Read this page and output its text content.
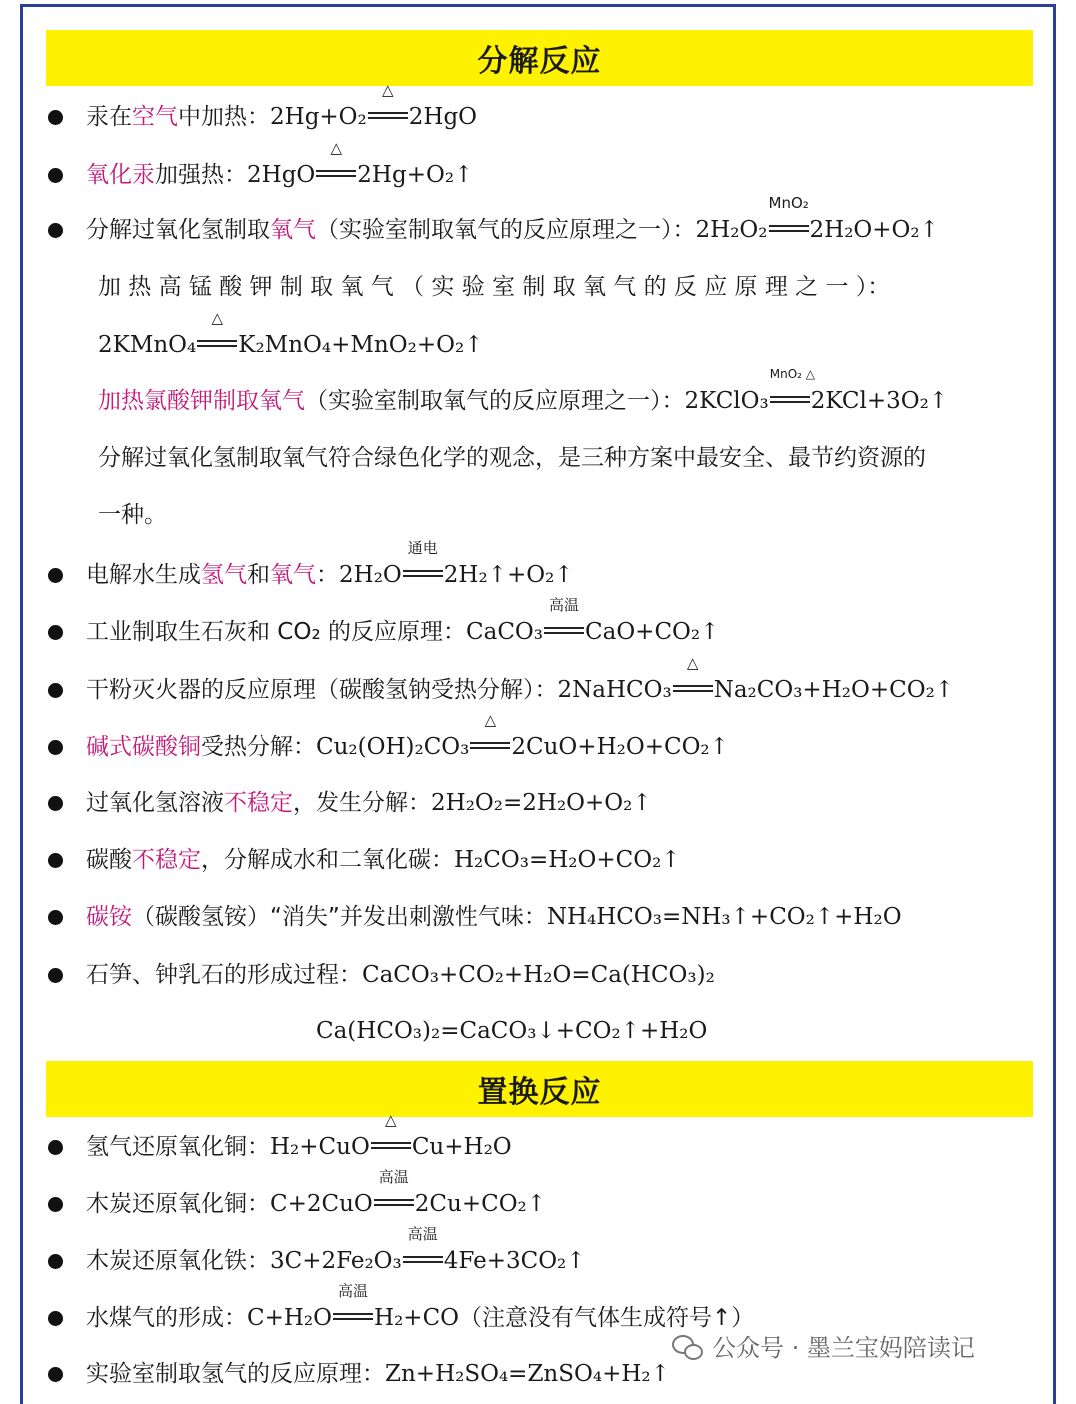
分解反应
汞在空气中加热：2Hg+O₂
△
2HgO
氧化汞加强热：2HgO
△
2Hg+O₂↑
分解过氧化氢制取氧气（实验室制取氧气的反应原理之一）：2H₂O₂
MnO₂
2H₂O+O₂↑
加 热 高 锰 酸 钾 制 取 氧 气 （ 实 验 室 制 取 氧 气 的 反 应 原 理 之 一 ）：
2KMnO₄
△
K₂MnO₄+MnO₂+O₂↑
加热氯酸钾制取氧气（实验室制取氧气的反应原理之一）：2KClO₃
MnO₂ △
2KCl+3O₂↑
分解过氧化氢制取氧气符合绿色化学的观念，是三种方案中最安全、最节约资源的
一种。
电解水生成氢气和氧气：2H₂O
通电
2H₂↑+O₂↑
工业制取生石灰和 CO₂ 的反应原理：CaCO₃
高温
CaO+CO₂↑
干粉灭火器的反应原理（碳酸氢钠受热分解）：2NaHCO₃
△
Na₂CO₃+H₂O+CO₂↑
碱式碳酸铜受热分解：Cu₂(OH)₂CO₃
△
2CuO+H₂O+CO₂↑
过氧化氢溶液不稳定，发生分解：2H₂O₂=2H₂O+O₂↑
碳酸不稳定，分解成水和二氧化碳：H₂CO₃=H₂O+CO₂↑
碳铵（碳酸氢铵）“消失”并发出刺激性气味：NH₄HCO₃=NH₃↑+CO₂↑+H₂O
石笋、钟乳石的形成过程：CaCO₃+CO₂+H₂O=Ca(HCO₃)₂
Ca(HCO₃)₂=CaCO₃↓+CO₂↑+H₂O
置换反应
氢气还原氧化铜：H₂+CuO
△
Cu+H₂O
木炭还原氧化铜：C+2CuO
高温
2Cu+CO₂↑
木炭还原氧化铁：3C+2Fe₂O₃
高温
4Fe+3CO₂↑
水煤气的形成：C+H₂O
高温
H₂+CO（注意没有气体生成符号↑）
实验室制取氢气的反应原理：Zn+H₂SO₄=ZnSO₄+H₂↑
公众号 · 墨兰宝妈陪读记
